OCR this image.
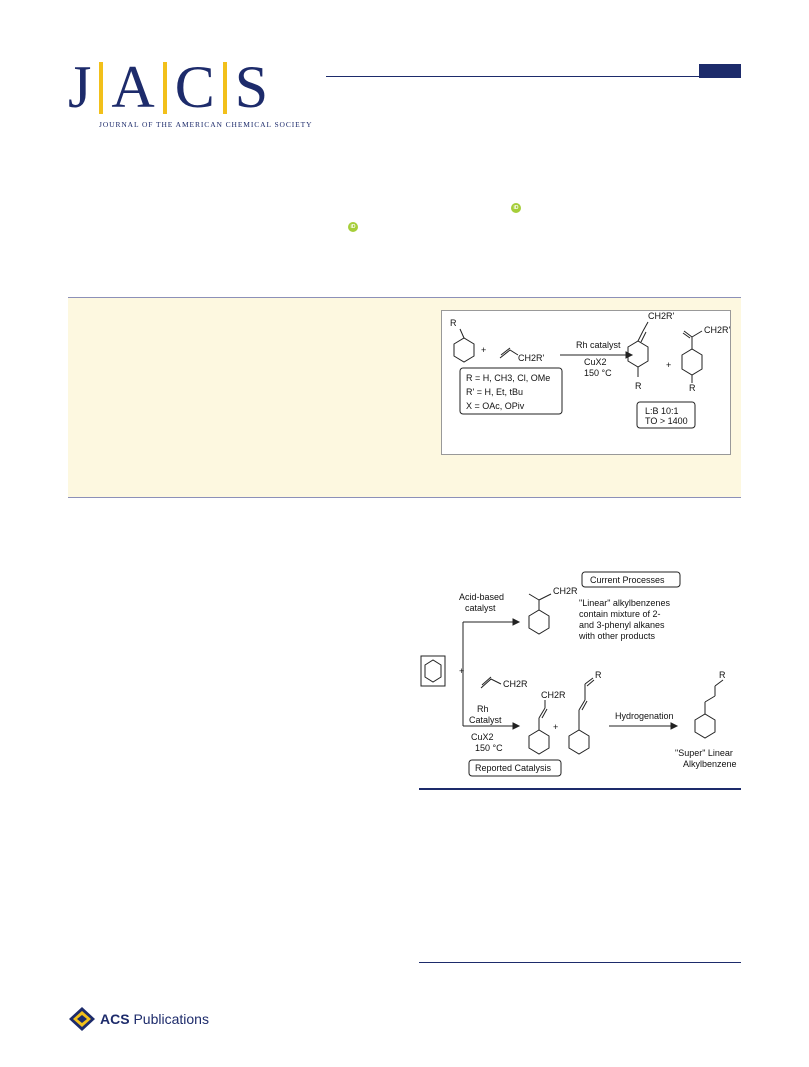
J A C S
JOURNAL OF THE AMERICAN CHEMICAL SOCIETY
iD
iD
R
+
CH2R'
Rh catalyst
CuX2
150 °C
R = H, CH3, Cl, OMe
R' = H, Et, tBu
X = OAc, OPiv
CH2R'
CH2R'
+
R	R
L:B 10:1
TO > 1400
Acid-based
catalyst
CH2R
Current Processes
"Linear" alkylbenzenes
contain mixture of 2-
and 3-phenyl alkanes
with other products
+
CH2R
Rh
Catalyst
CuX2
150 °C
CH2R
+
R
Hydrogenation
R
"Super" Linear
Alkylbenzene
Reported Catalysis
ACS Publications
